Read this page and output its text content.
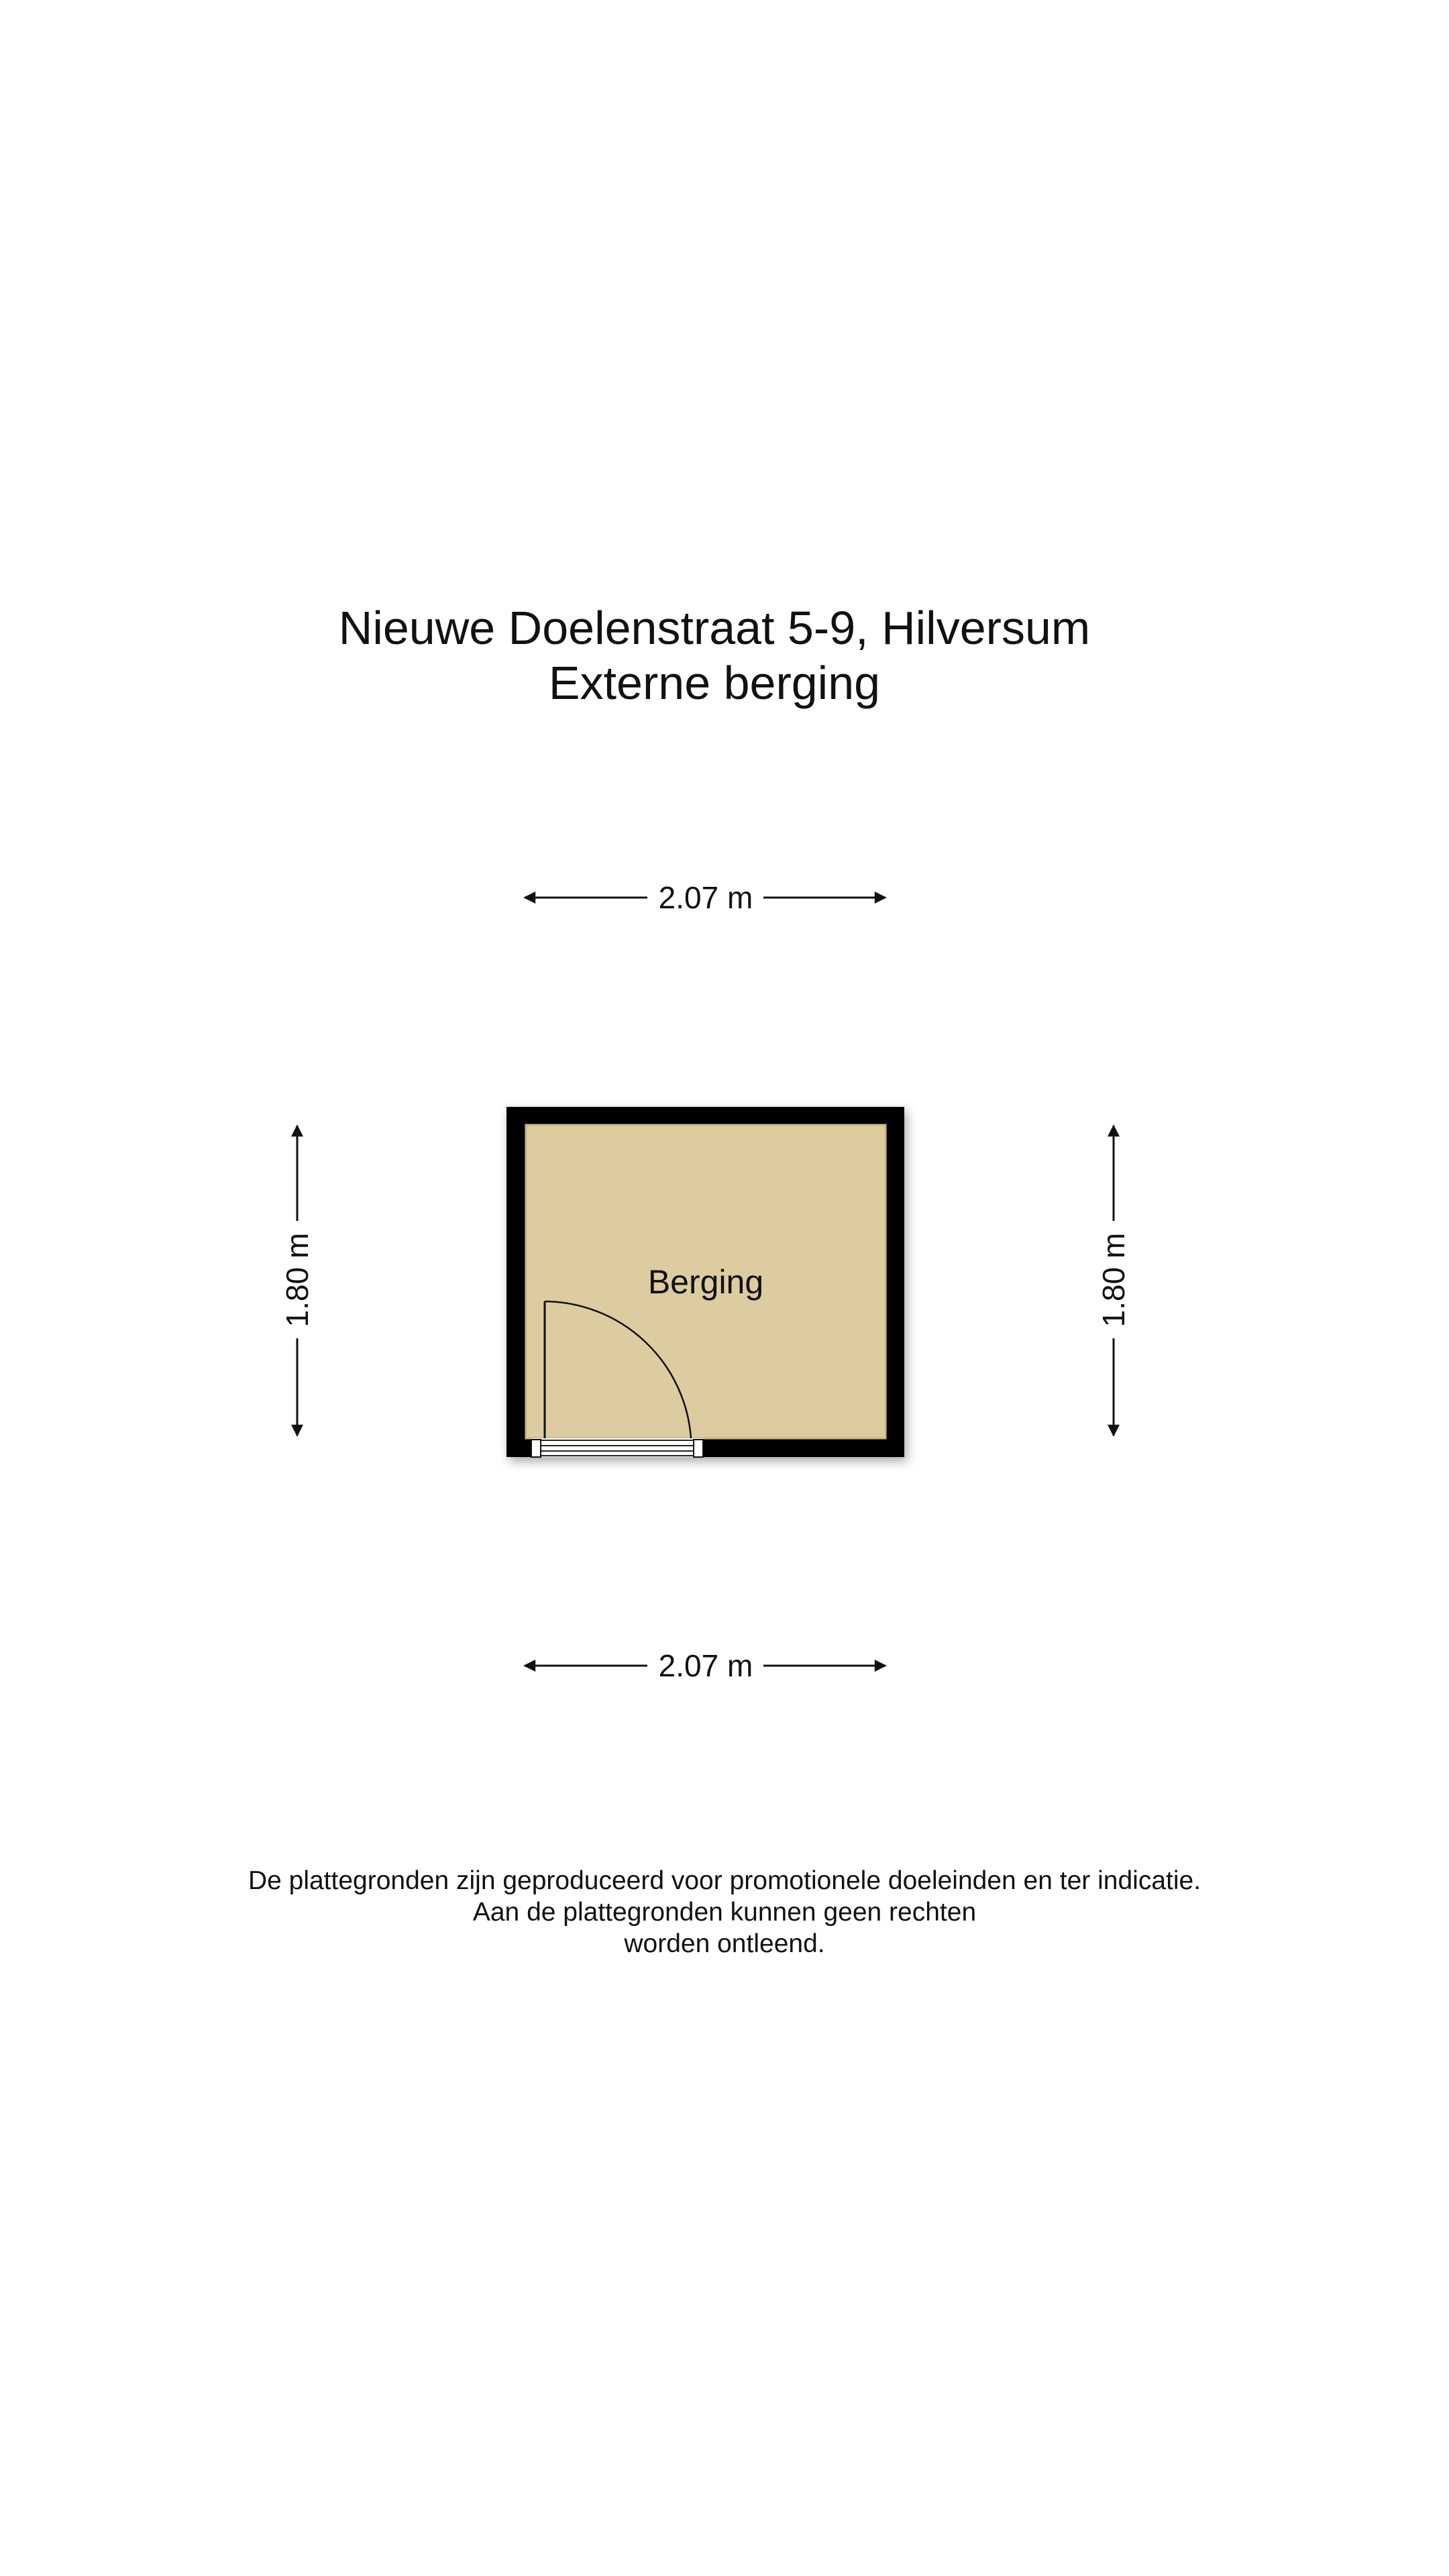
Nieuwe Doelenstraat 5-9, Hilversum
Externe berging
2.07 m
2.07 m
1.80 m	1.80 m
Berging
De plattegronden zijn geproduceerd voor promotionele doeleinden en ter indicatie.
Aan de plattegronden kunnen geen rechten
worden ontleend.
